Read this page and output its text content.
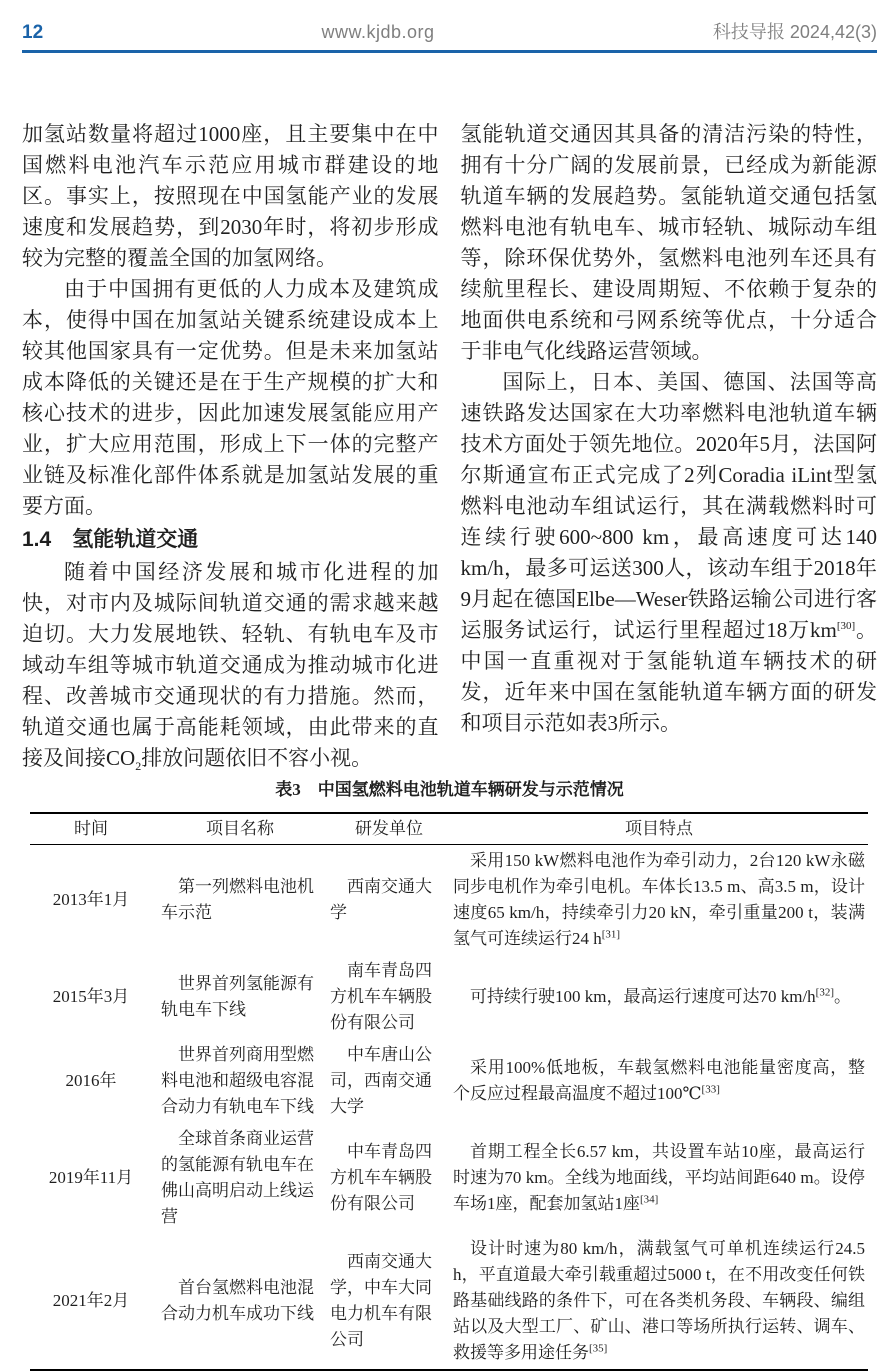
12	www.kjdb.org	科技导报 2024,42(3)

加氢站数量将超过1000座，且主要集中在中国燃料电池汽车示范应用城市群建设的地区。事实上，按照现在中国氢能产业的发展速度和发展趋势，到2030年时，将初步形成较为完整的覆盖全国的加氢网络。

由于中国拥有更低的人力成本及建筑成本，使得中国在加氢站关键系统建设成本上较其他国家具有一定优势。但是未来加氢站成本降低的关键还是在于生产规模的扩大和核心技术的进步，因此加速发展氢能应用产业，扩大应用范围，形成上下一体的完整产业链及标准化部件体系就是加氢站发展的重要方面。

1.4　氢能轨道交通

随着中国经济发展和城市化进程的加快，对市内及城际间轨道交通的需求越来越迫切。大力发展地铁、轻轨、有轨电车及市域动车组等城市轨道交通成为推动城市化进程、改善城市交通现状的有力措施。然而，轨道交通也属于高能耗领域，由此带来的直接及间接$CO_2$排放问题依旧不容小视。

氢能轨道交通因其具备的清洁污染的特性，拥有十分广阔的发展前景，已经成为新能源轨道车辆的发展趋势。氢能轨道交通包括氢燃料电池有轨电车、城市轻轨、城际动车组等，除环保优势外，氢燃料电池列车还具有续航里程长、建设周期短、不依赖于复杂的地面供电系统和弓网系统等优点，十分适合于非电气化线路运营领域。

国际上，日本、美国、德国、法国等高速铁路发达国家在大功率燃料电池轨道车辆技术方面处于领先地位。2020年5月，法国阿尔斯通宣布正式完成了2列Coradia iLint型氢燃料电池动车组试运行，其在满载燃料时可连续行驶600~800 km，最高速度可达140 km/h，最多可运送300人，该动车组于2018年9月起在德国Elbe—Weser铁路运输公司进行客运服务试运行，试运行里程超过18万km[30]。中国一直重视对于氢能轨道车辆技术的研发，近年来中国在氢能轨道车辆方面的研发和项目示范如表3所示。

表3　中国氢燃料电池轨道车辆研发与示范情况
时间	项目名称	研发单位	项目特点
2013年1月	第一列燃料电池机车示范	西南交通大学	采用150 kW燃料电池作为牵引动力，2台120 kW永磁同步电机作为牵引电机。车体长13.5 m、高3.5 m，设计速度65 km/h，持续牵引力20 kN，牵引重量200 t，装满氢气可连续运行24 h[31]
2015年3月	世界首列氢能源有轨电车下线	南车青岛四方机车车辆股份有限公司	可持续行驶100 km，最高运行速度可达70 km/h[32]。
2016年	世界首列商用型燃料电池和超级电容混合动力有轨电车下线	中车唐山公司，西南交通大学	采用100%低地板，车载氢燃料电池能量密度高，整个反应过程最高温度不超过100℃[33]
2019年11月	全球首条商业运营的氢能源有轨电车在佛山高明启动上线运营	中车青岛四方机车车辆股份有限公司	首期工程全长6.57 km，共设置车站10座，最高运行时速为70 km。全线为地面线，平均站间距640 m。设停车场1座，配套加氢站1座[34]
2021年2月	首台氢燃料电池混合动力机车成功下线	西南交通大学，中车大同电力机车有限公司	设计时速为80 km/h，满载氢气可单机连续运行24.5 h，平直道最大牵引载重超过5000 t，在不用改变任何铁路基础线路的条件下，可在各类机务段、车辆段、编组站以及大型工厂、矿山、港口等场所执行运转、调车、救援等多用途任务[35]
